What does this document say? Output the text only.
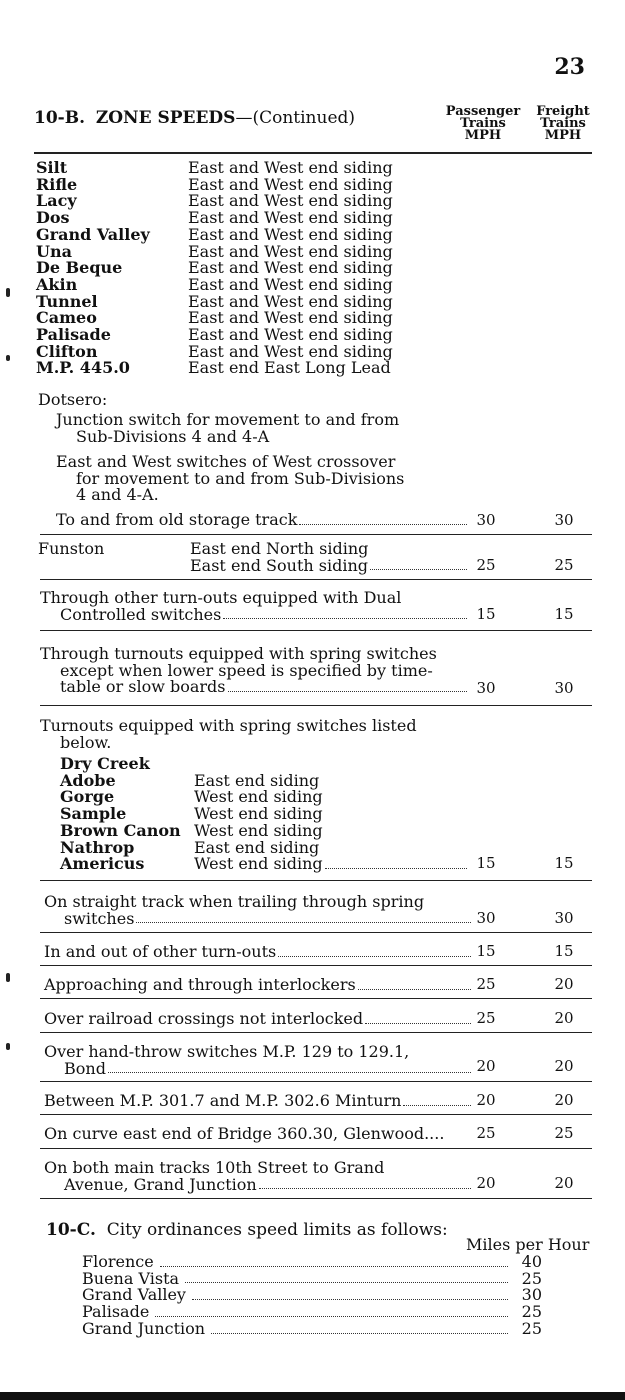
23
10-B. ZONE SPEEDS—(Continued)	Passenger
Trains
MPH
Freight
Trains
MPH
Silt	East and West end siding
Rifle	East and West end siding
Lacy	East and West end siding
Dos	East and West end siding
Grand Valley	East and West end siding
Una	East and West end siding
De Beque	East and West end siding
Akin	East and West end siding
Tunnel	East and West end siding
Cameo	East and West end siding
Palisade	East and West end siding
Clifton	East and West end siding
M.P. 445.0	East end East Long Lead
Dotsero:
Junction switch for movement to and from
Sub-Divisions 4 and 4-A
East and West switches of West crossover
for movement to and from Sub-Divisions
4 and 4-A.
To and from old storage track	30	30
Funston	East end North siding
East end South siding	25	25
Through other turn-outs equipped with Dual
Controlled switches	15	15
Through turnouts equipped with spring switches
except when lower speed is specified by time-
table or slow boards	30	30
Turnouts equipped with spring switches listed
below.
Dry Creek
Adobe	East end siding
Gorge	West end siding
Sample	West end siding
Brown Canon West end siding
Nathrop	East end siding
Americus	West end siding	15	15
On straight track when trailing through spring
switches	30	30
In and out of other turn-outs	15	15
Approaching and through interlockers	25	20
Over railroad crossings not interlocked	25	20
Over hand-throw switches M.P. 129 to 129.1,
Bond	20	20
Between M.P. 301.7 and M.P. 302.6 Minturn	20	20
On curve east end of Bridge 360.30, Glenwood....	25	25
On both main tracks 10th Street to Grand
Avenue, Grand Junction	20	20
10-C. City ordinances speed limits as follows:
Miles per Hour
Florence	40
Buena Vista	25
Grand Valley	30
Palisade	25
Grand Junction	25
